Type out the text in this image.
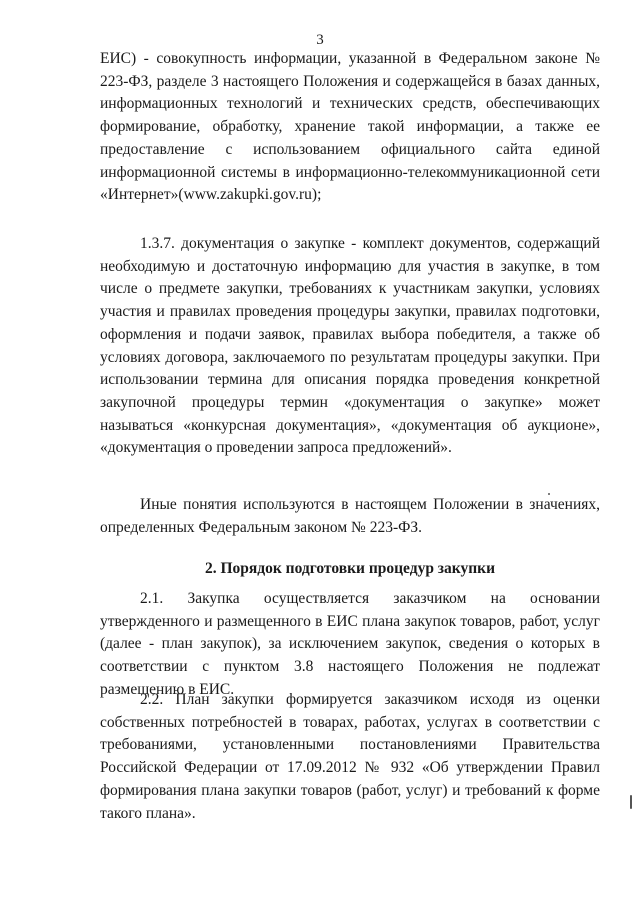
3

ЕИС) - совокупность информации, указанной в Федеральном законе № 223-ФЗ, разделе 3 настоящего Положения и содержащейся в базах данных, информационных технологий и технических средств, обеспечивающих формирование, обработку, хранение такой информации, а также ее предоставление с использованием официального сайта единой информационной системы в информационно-телекоммуникационной сети «Интернет»(www.zakupki.gov.ru);

1.3.7. документация о закупке - комплект документов, содержащий необходимую и достаточную информацию для участия в закупке, в том числе о предмете закупки, требованиях к участникам закупки, условиях участия и правилах проведения процедуры закупки, правилах подготовки, оформления и подачи заявок, правилах выбора победителя, а также об условиях договора, заключаемого по результатам процедуры закупки. При использовании термина для описания порядка проведения конкретной закупочной процедуры термин «документация о закупке» может называться «конкурсная документация», «документация об аукционе», «документация о проведении запроса предложений».

Иные понятия используются в настоящем Положении в значениях, определенных Федеральным законом № 223-ФЗ.

2. Порядок подготовки процедур закупки

2.1. Закупка осуществляется заказчиком на основании утвержденного и размещенного в ЕИС плана закупок товаров, работ, услуг (далее - план закупок), за исключением закупок, сведения о которых в соответствии с пунктом 3.8 настоящего Положения не подлежат размещению в ЕИС.

2.2. План закупки формируется заказчиком исходя из оценки собственных потребностей в товарах, работах, услугах в соответствии с требованиями, установленными постановлениями Правительства Российской Федерации от 17.09.2012 № 932 «Об утверждении Правил формирования плана закупки товаров (работ, услуг) и требований к форме такого плана».
